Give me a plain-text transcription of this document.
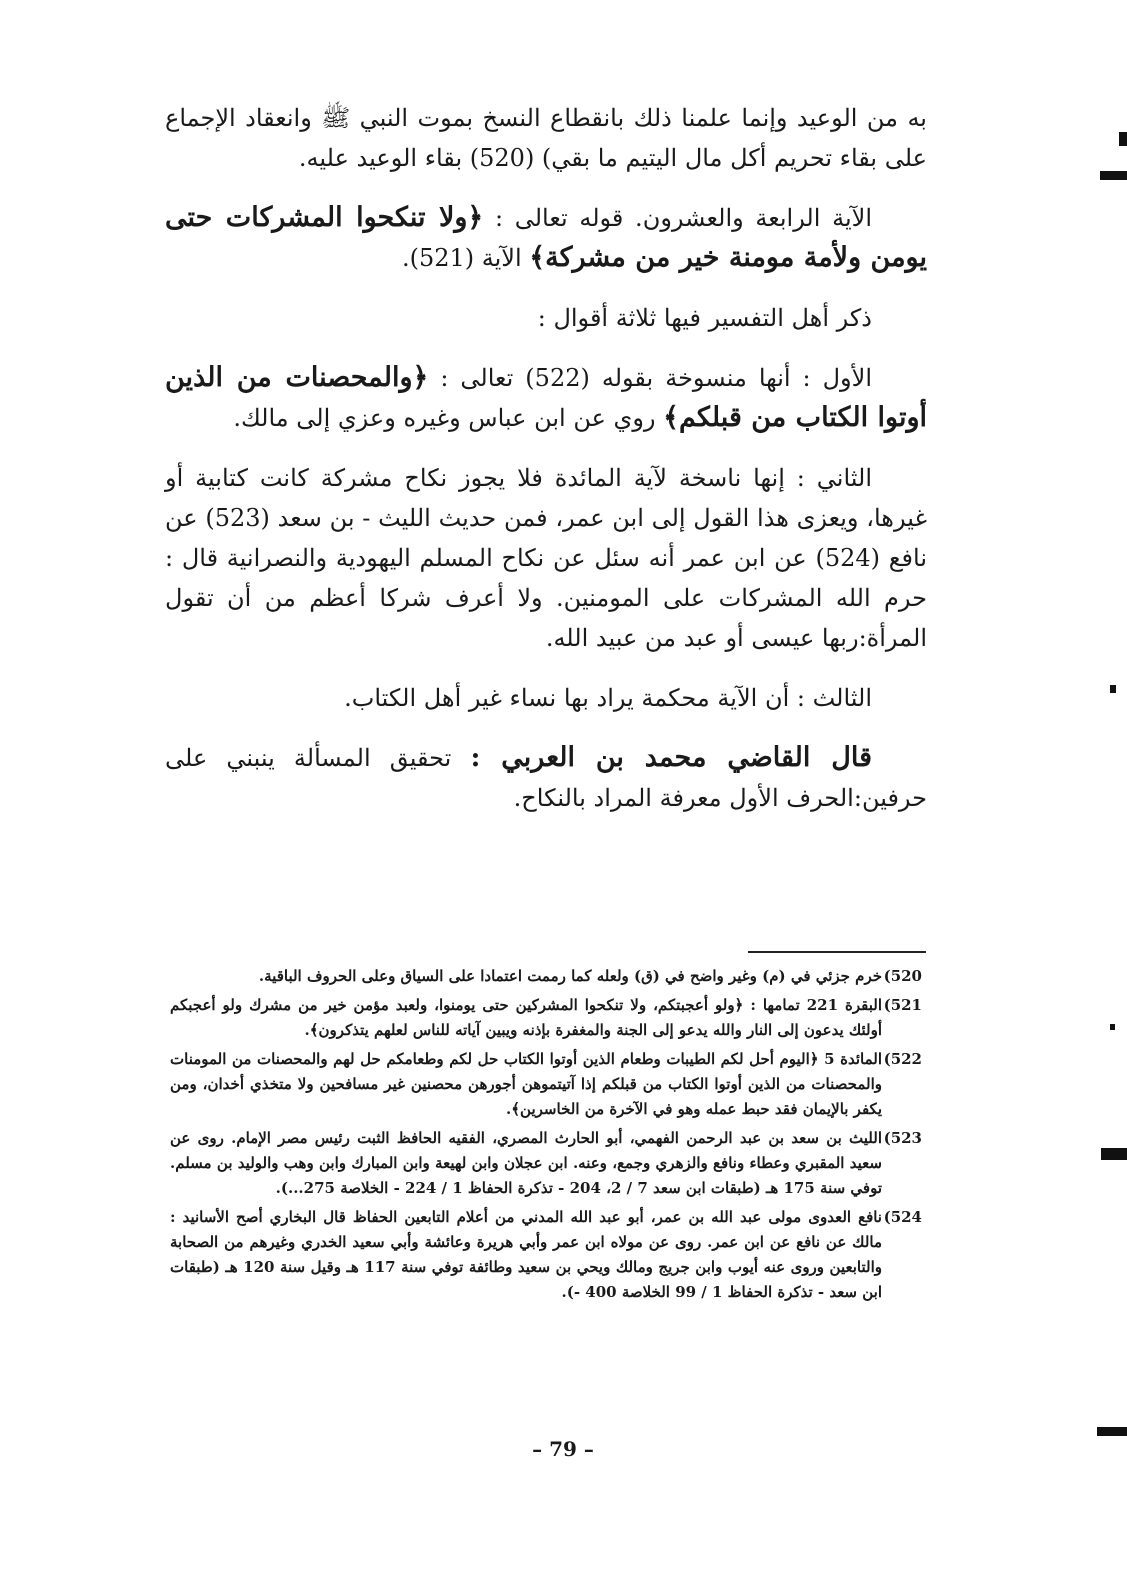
به من الوعيد وإنما علمنا ذلك بانقطاع النسخ بموت النبي ﷺ وانعقاد الإجماع على بقاء تحريم أكل مال اليتيم ما بقي) (520) بقاء الوعيد عليه.

الآية الرابعة والعشرون. قوله تعالى : ﴿ولا تنكحوا المشركات حتى يومن ولأمة مومنة خير من مشركة﴾ الآية (521).

ذكر أهل التفسير فيها ثلاثة أقوال :

الأول : أنها منسوخة بقوله (522) تعالى : ﴿والمحصنات من الذين أوتوا الكتاب من قبلكم﴾ روي عن ابن عباس وغيره وعزي إلى مالك.

الثاني : إنها ناسخة لآية المائدة فلا يجوز نكاح مشركة كانت كتابية أو غيرها، ويعزى هذا القول إلى ابن عمر، فمن حديث الليث - بن سعد (523) عن نافع (524) عن ابن عمر أنه سئل عن نكاح المسلم اليهودية والنصرانية قال : حرم الله المشركات على المومنين. ولا أعرف شركا أعظم من أن تقول المرأة:ربها عيسى أو عبد من عبيد الله.

الثالث : أن الآية محكمة يراد بها نساء غير أهل الكتاب.

قال القاضي محمد بن العربي : تحقيق المسألة ينبني على حرفين:الحرف الأول معرفة المراد بالنكاح.

520)
خرم جزئي في (م) وغير واضح في (ق) ولعله كما رممت اعتمادا على السياق وعلى الحروف الباقية.
521)
البقرة 221 تمامها : ﴿ولو أعجبتكم، ولا تنكحوا المشركين حتى يومنوا، ولعبد مؤمن خير من مشرك ولو أعجبكم أولئك يدعون إلى النار والله يدعو إلى الجنة والمغفرة بإذنه ويبين آياته للناس لعلهم يتذكرون﴾.
522)
المائدة 5 ﴿اليوم أحل لكم الطيبات وطعام الذين أوتوا الكتاب حل لكم وطعامكم حل لهم والمحصنات من المومنات والمحصنات من الذين أوتوا الكتاب من قبلكم إذا آتيتموهن أجورهن محصنين غير مسافحين ولا متخذي أخدان، ومن يكفر بالإيمان فقد حبط عمله وهو في الآخرة من الخاسرين﴾.
523)
الليث بن سعد بن عبد الرحمن الفهمي، أبو الحارث المصري، الفقيه الحافظ الثبت رئيس مصر الإمام. روى عن سعيد المقبري وعطاء ونافع والزهري وجمع، وعنه. ابن عجلان وابن لهيعة وابن المبارك وابن وهب والوليد بن مسلم. توفي سنة 175 هـ (طبقات ابن سعد 7 / 2، 204 - تذكرة الحفاظ 1 / 224 - الخلاصة 275...).
524)
نافع العدوى مولى عبد الله بن عمر، أبو عبد الله المدني من أعلام التابعين الحفاظ قال البخاري أصح الأسانيد : مالك عن نافع عن ابن عمر. روى عن مولاه ابن عمر وأبي هريرة وعائشة وأبي سعيد الخدري وغيرهم من الصحابة والتابعين وروى عنه أيوب وابن جريج ومالك ويحي بن سعيد وطائفة توفي سنة 117 هـ وقيل سنة 120 هـ (طبقات ابن سعد - تذكرة الحفاظ 1 / 99 الخلاصة 400 -).
– 79 –
